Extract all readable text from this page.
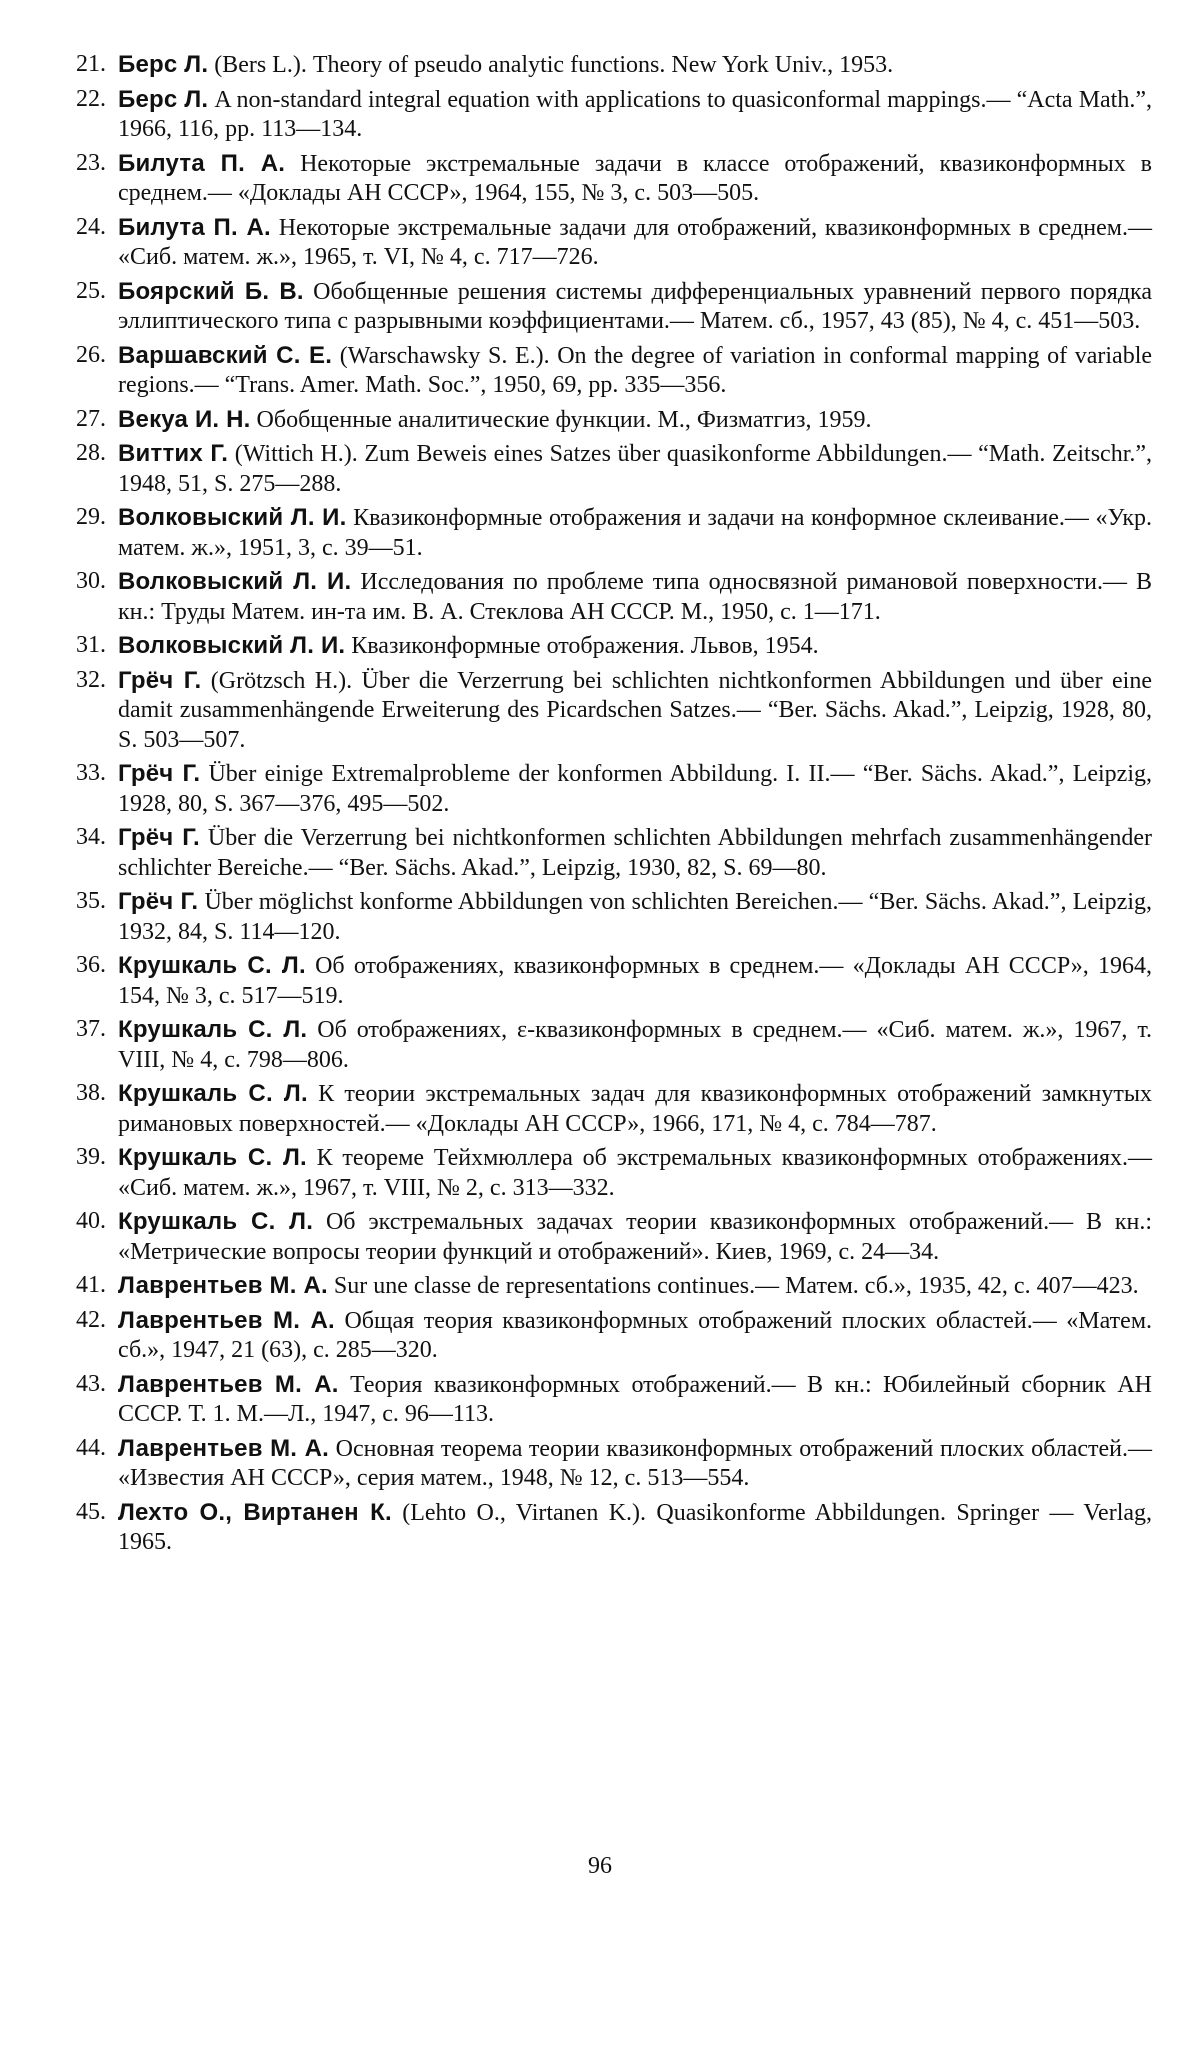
21. Берс Л. (Bers L.). Theory of pseudo analytic functions. New York Univ., 1953.

22. Берс Л. A non-standard integral equation with applications to quasiconformal mappings.— “Acta Math.”, 1966, 116, pp. 113—134.

23. Билута П. А. Некоторые экстремальные задачи в классе отображений, квазиконформных в среднем.— «Доклады АН СССР», 1964, 155, № 3, с. 503—505.

24. Билута П. А. Некоторые экстремальные задачи для отображений, квазиконформных в среднем.— «Сиб. матем. ж.», 1965, т. VI, № 4, с. 717—726.

25. Боярский Б. В. Обобщенные решения системы дифференциальных уравнений первого порядка эллиптического типа с разрывными коэффициентами.— Матем. сб., 1957, 43 (85), № 4, с. 451—503.

26. Варшавский С. Е. (Warschawsky S. E.). On the degree of variation in conformal mapping of variable regions.— “Trans. Amer. Math. Soc.”, 1950, 69, pp. 335—356.

27. Векуа И. Н. Обобщенные аналитические функции. М., Физматгиз, 1959.

28. Виттих Г. (Wittich H.). Zum Beweis eines Satzes über quasikonforme Abbildungen.— “Math. Zeitschr.”, 1948, 51, S. 275—288.

29. Волковыский Л. И. Квазиконформные отображения и задачи на конформное склеивание.— «Укр. матем. ж.», 1951, 3, с. 39—51.

30. Волковыский Л. И. Исследования по проблеме типа односвязной римановой поверхности.— В кн.: Труды Матем. ин-та им. В. А. Стеклова АН СССР. М., 1950, с. 1—171.

31. Волковыский Л. И. Квазиконформные отображения. Львов, 1954.

32. Грёч Г. (Grötzsch H.). Über die Verzerrung bei schlichten nichtkonformen Abbildungen und über eine damit zusammenhängende Erweiterung des Picardschen Satzes.— “Ber. Sächs. Akad.”, Leipzig, 1928, 80, S. 503—507.

33. Грёч Г. Über einige Extremalprobleme der konformen Abbildung. I. II.— “Ber. Sächs. Akad.”, Leipzig, 1928, 80, S. 367—376, 495—502.

34. Грёч Г. Über die Verzerrung bei nichtkonformen schlichten Abbildungen mehrfach zusammenhängender schlichter Bereiche.— “Ber. Sächs. Akad.”, Leipzig, 1930, 82, S. 69—80.

35. Грёч Г. Über möglichst konforme Abbildungen von schlichten Bereichen.— “Ber. Sächs. Akad.”, Leipzig, 1932, 84, S. 114—120.

36. Крушкаль С. Л. Об отображениях, квазиконформных в среднем.— «Доклады АН СССР», 1964, 154, № 3, с. 517—519.

37. Крушкаль С. Л. Об отображениях, ε-квазиконформных в среднем.— «Сиб. матем. ж.», 1967, т. VIII, № 4, с. 798—806.

38. Крушкаль С. Л. К теории экстремальных задач для квазиконформных отображений замкнутых римановых поверхностей.— «Доклады АН СССР», 1966, 171, № 4, с. 784—787.

39. Крушкаль С. Л. К теореме Тейхмюллера об экстремальных квазиконформных отображениях.— «Сиб. матем. ж.», 1967, т. VIII, № 2, с. 313—332.

40. Крушкаль С. Л. Об экстремальных задачах теории квазиконформных отображений.— В кн.: «Метрические вопросы теории функций и отображений». Киев, 1969, с. 24—34.

41. Лаврентьев М. А. Sur une classe de representations continues.— Матем. сб.», 1935, 42, с. 407—423.

42. Лаврентьев М. А. Общая теория квазиконформных отображений плоских областей.— «Матем. сб.», 1947, 21 (63), с. 285—320.

43. Лаврентьев М. А. Теория квазиконформных отображений.— В кн.: Юбилейный сборник АН СССР. Т. 1. М.—Л., 1947, с. 96—113.

44. Лаврентьев М. А. Основная теорема теории квазиконформных отображений плоских областей.— «Известия АН СССР», серия матем., 1948, № 12, с. 513—554.

45. Лехто О., Виртанен К. (Lehto O., Virtanen K.). Quasikonforme Abbildungen. Springer — Verlag, 1965.

96
